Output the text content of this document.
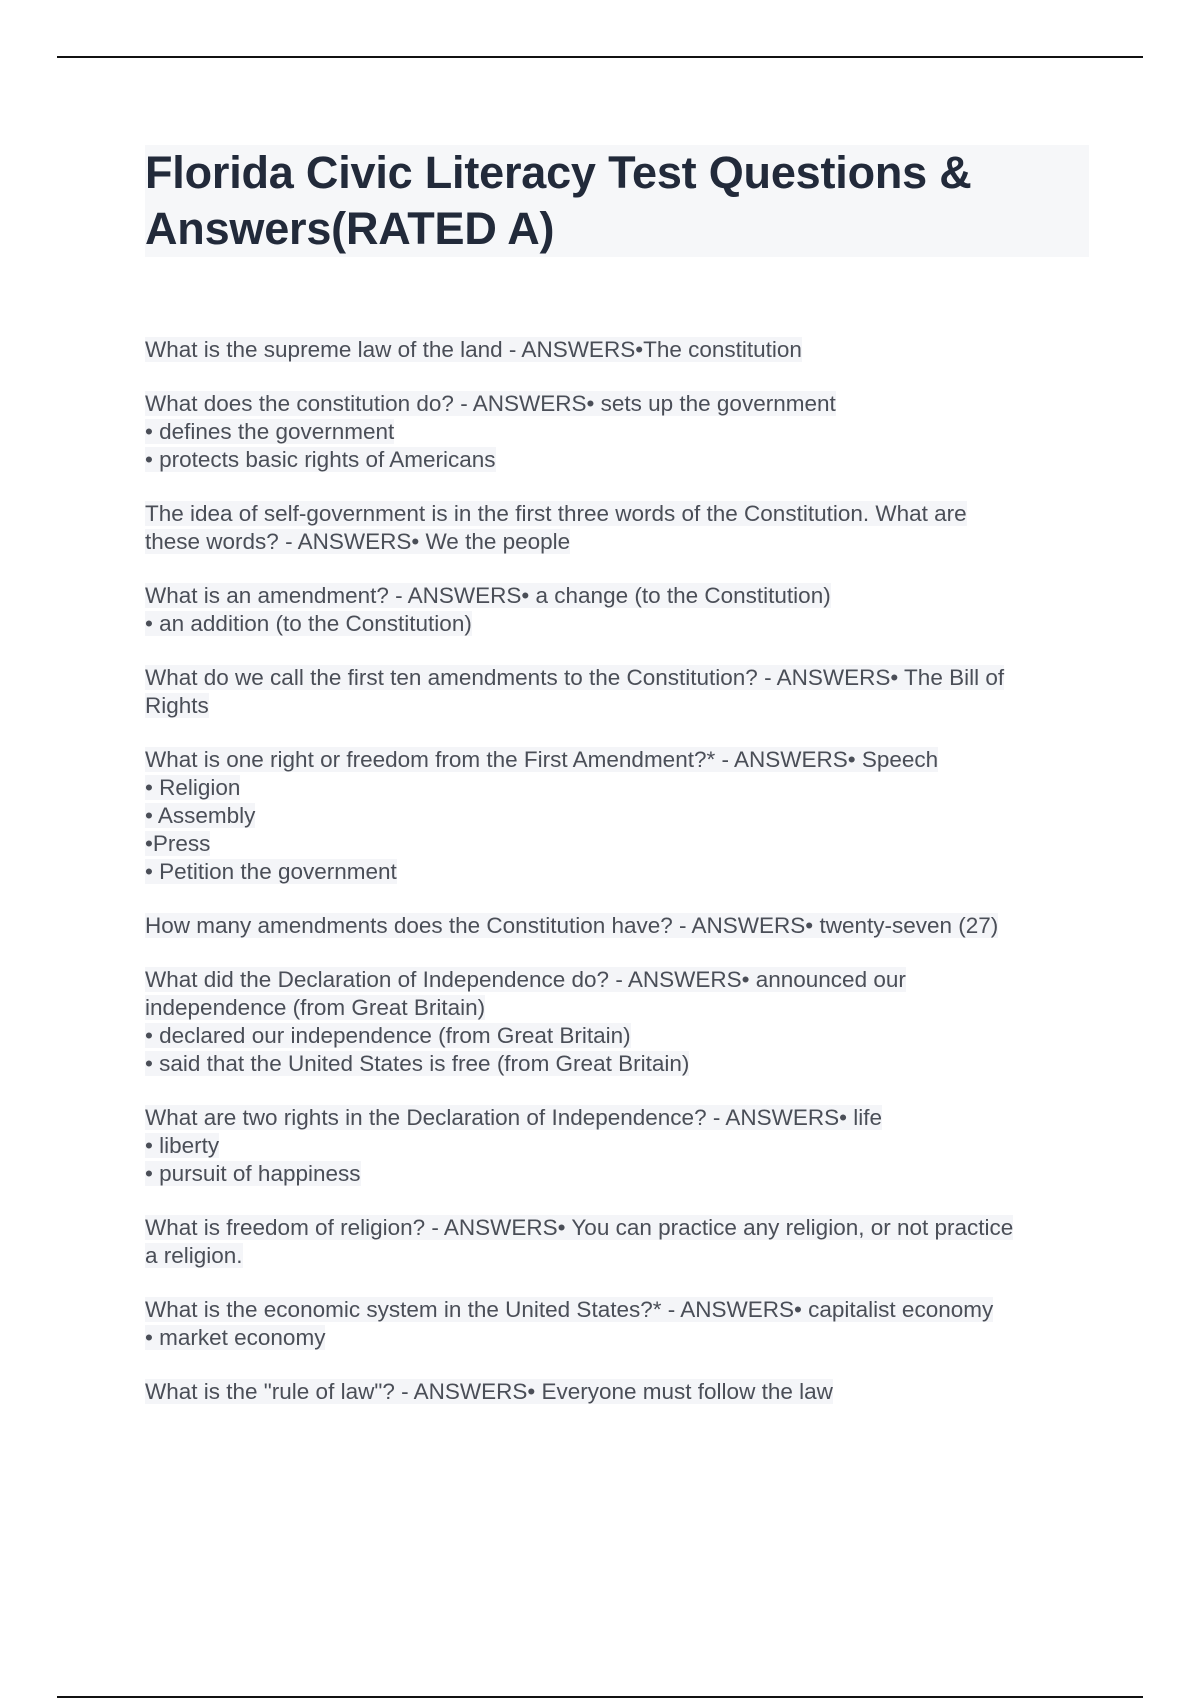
Florida Civic Literacy Test Questions &
Answers(RATED A)
What is the supreme law of the land - ANSWERS•The constitution
What does the constitution do? - ANSWERS• sets up the government
• defines the government
• protects basic rights of Americans
The idea of self-government is in the first three words of the Constitution. What are
these words? - ANSWERS• We the people
What is an amendment? - ANSWERS• a change (to the Constitution)
• an addition (to the Constitution)
What do we call the first ten amendments to the Constitution? - ANSWERS• The Bill of
Rights
What is one right or freedom from the First Amendment?* - ANSWERS• Speech
• Religion
• Assembly
•Press
• Petition the government
How many amendments does the Constitution have? - ANSWERS• twenty-seven (27)
What did the Declaration of Independence do? - ANSWERS• announced our
independence (from Great Britain)
• declared our independence (from Great Britain)
• said that the United States is free (from Great Britain)
What are two rights in the Declaration of Independence? - ANSWERS• life
• liberty
• pursuit of happiness
What is freedom of religion? - ANSWERS• You can practice any religion, or not practice
a religion.
What is the economic system in the United States?* - ANSWERS• capitalist economy
• market economy
What is the "rule of law"? - ANSWERS• Everyone must follow the law
